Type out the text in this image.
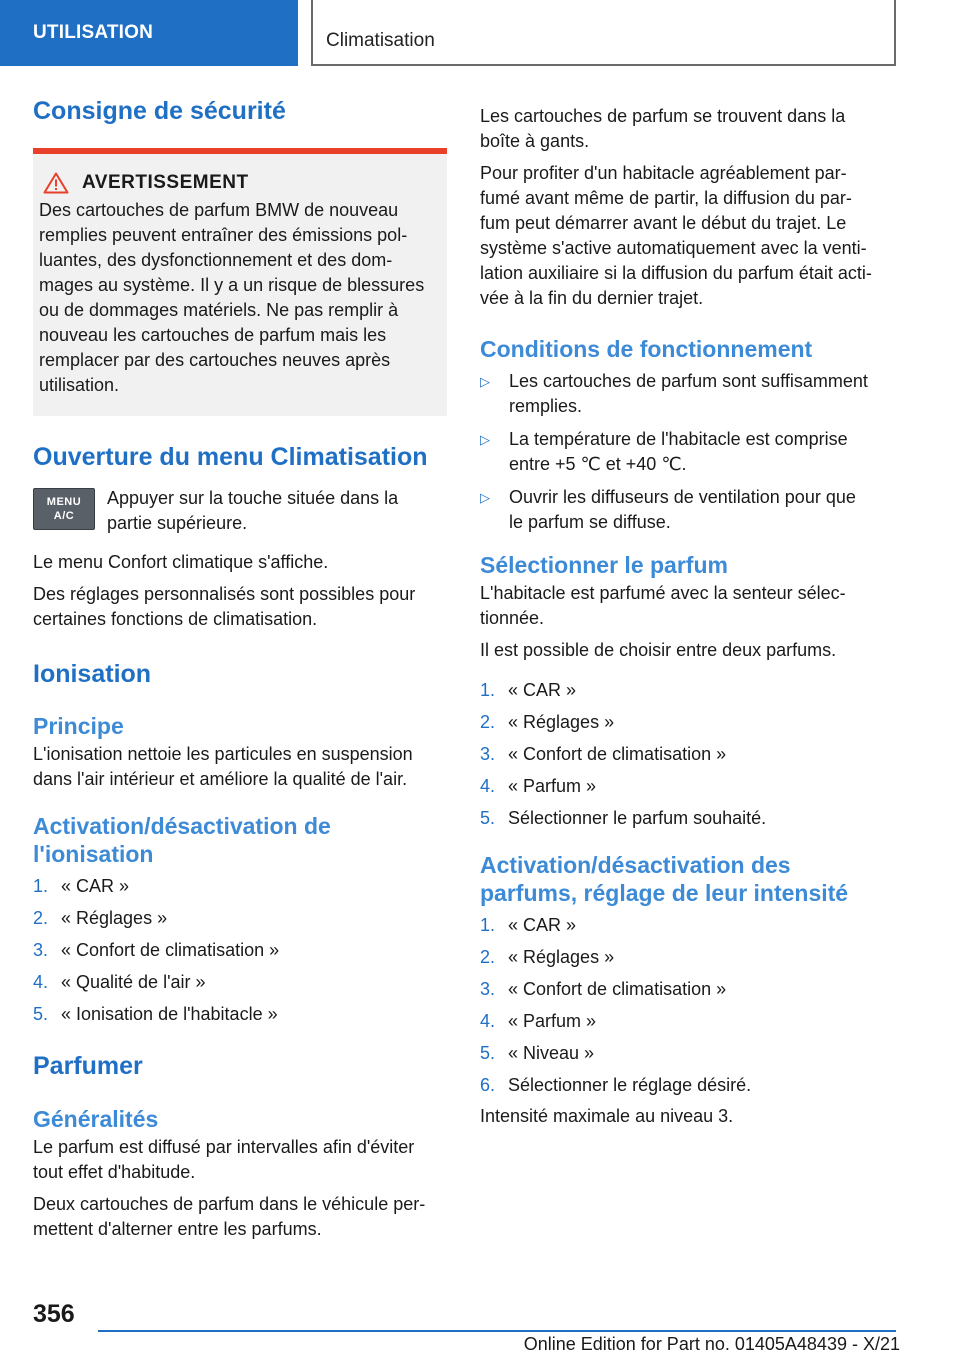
UTILISATION	Climatisation
Consigne de sécurité
AVERTISSEMENT

Des cartouches de parfum BMW de nouveau
remplies peuvent entraîner des émissions pol-
luantes, des dysfonctionnement et des dom-
mages au système. Il y a un risque de blessures
ou de dommages matériels. Ne pas remplir à
nouveau les cartouches de parfum mais les
remplacer par des cartouches neuves après
utilisation.

Ouverture du menu Climatisation
MENU
A/C

Appuyer sur la touche située dans la
partie supérieure.

Le menu Confort climatique s'affiche.

Des réglages personnalisés sont possibles pour
certaines fonctions de climatisation.

Ionisation
Principe

L'ionisation nettoie les particules en suspension
dans l'air intérieur et améliore la qualité de l'air.

Activation/désactivation de
l'ionisation
1. « CAR »
2. « Réglages »
3. « Confort de climatisation »
4. « Qualité de l'air »
5. « Ionisation de l'habitacle »
Parfumer
Généralités

Le parfum est diffusé par intervalles afin d'éviter
tout effet d'habitude.

Deux cartouches de parfum dans le véhicule per-
mettent d'alterner entre les parfums.

Les cartouches de parfum se trouvent dans la
boîte à gants.

Pour profiter d'un habitacle agréablement par-
fumé avant même de partir, la diffusion du par-
fum peut démarrer avant le début du trajet. Le
système s'active automatiquement avec la venti-
lation auxiliaire si la diffusion du parfum était acti-
vée à la fin du dernier trajet.

Conditions de fonctionnement
▷	Les cartouches de parfum sont suffisamment
remplies.
▷	La température de l'habitacle est comprise
entre +5 ℃ et +40 ℃.
▷	Ouvrir les diffuseurs de ventilation pour que
le parfum se diffuse.
Sélectionner le parfum

L'habitacle est parfumé avec la senteur sélec-
tionnée.

Il est possible de choisir entre deux parfums.

1. « CAR »
2. « Réglages »
3. « Confort de climatisation »
4. « Parfum »
5. Sélectionner le parfum souhaité.
Activation/désactivation des
parfums, réglage de leur intensité
1. « CAR »
2. « Réglages »
3. « Confort de climatisation »
4. « Parfum »
5. « Niveau »
6. Sélectionner le réglage désiré.

Intensité maximale au niveau 3.

356
Online Edition for Part no. 01405A48439 - X/21
